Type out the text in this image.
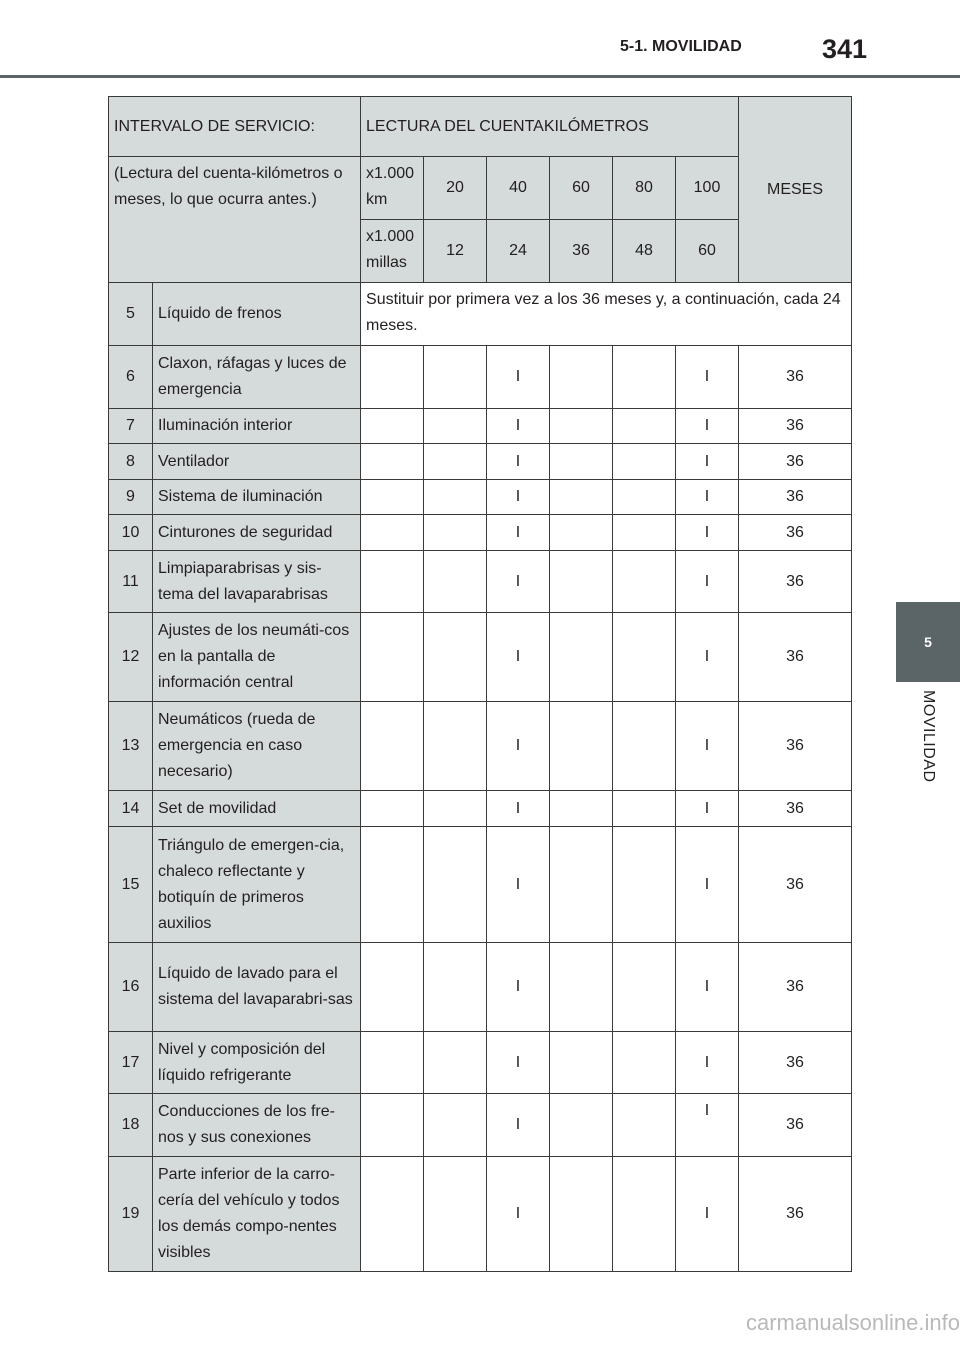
5-1. MOVILIDAD	341
5
MOVILIDAD
INTERVALO DE SERVICIO:		LECTURA DEL CUENTAKILÓMETROS						MESES	
(Lectura del cuenta-kilómetros o meses, lo que ocurra antes.)		x1.000 km	20	40	60	80	100	
		x1.000 millas	12	24	36	48	60	
5	Líquido de frenos	Sustituir por primera vez a los 36 meses y, a continuación, cada 24 meses.							
6	Claxon, ráfagas y luces de emergencia			I			I	36	
7	Iluminación interior			I			I	36	
8	Ventilador			I			I	36	
9	Sistema de iluminación			I			I	36	
10	Cinturones de seguridad			I			I	36	
11	Limpiaparabrisas y sis-tema del lavaparabrisas			I			I	36	
12	Ajustes de los neumáti-cos en la pantalla de información central			I			I	36	
13	Neumáticos (rueda de emergencia en caso necesario)			I			I	36	
14	Set de movilidad			I			I	36	
15	Triángulo de emergen-cia, chaleco reflectante y botiquín de primeros auxilios			I			I	36	
16	Líquido de lavado para el sistema del lavaparabri-sas			I			I	36	
17	Nivel y composición del líquido refrigerante			I			I	36	
18	Conducciones de los fre-nos y sus conexiones			I			I	36	
19	Parte inferior de la carro-cería del vehículo y todos los demás compo-nentes visibles			I			I	36	
carmanualsonline.info
